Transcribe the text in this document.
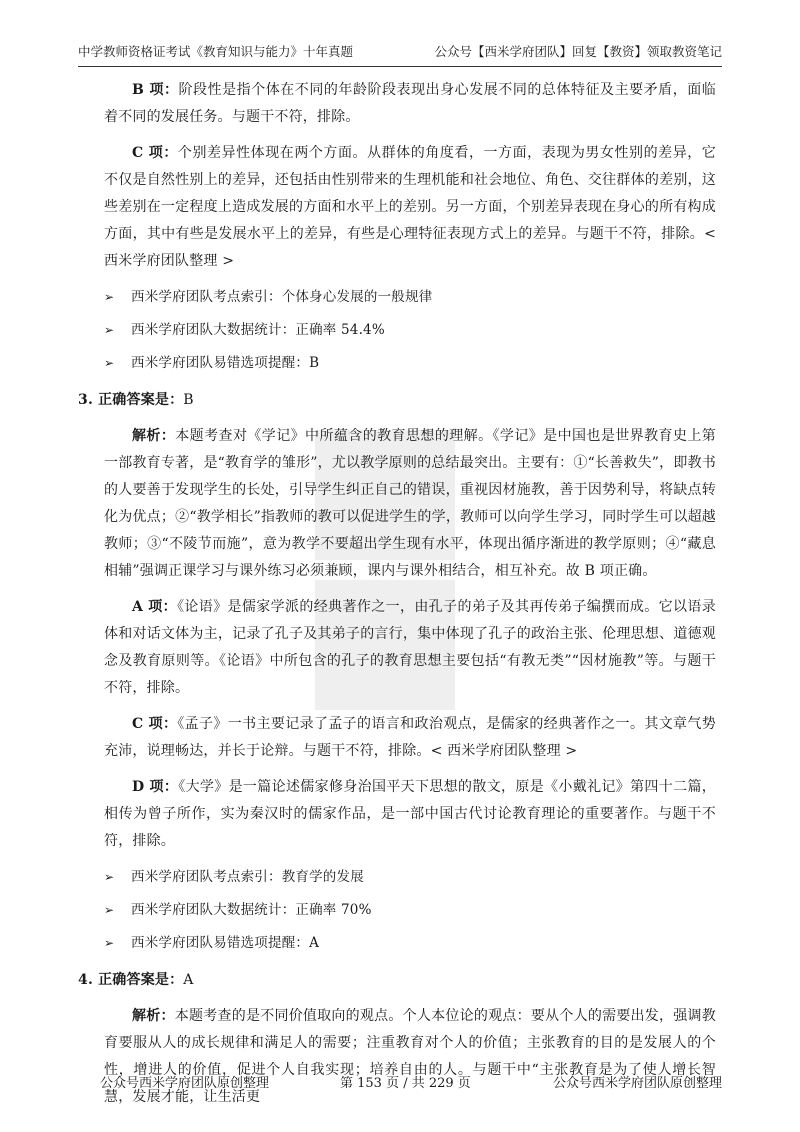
中学教师资格证考试《教育知识与能力》十年真题	公众号【西米学府团队】回复【教资】领取教资笔记

B 项：阶段性是指个体在不同的年龄阶段表现出身心发展不同的总体特征及主要矛盾，面临着不同的发展任务。与题干不符，排除。

C 项：个别差异性体现在两个方面。从群体的角度看，一方面，表现为男女性别的差异，它不仅是自然性别上的差异，还包括由性别带来的生理机能和社会地位、角色、交往群体的差别，这些差别在一定程度上造成发展的方面和水平上的差别。另一方面，个别差异表现在身心的所有构成方面，其中有些是发展水平上的差异，有些是心理特征表现方式上的差异。与题干不符，排除。< 西米学府团队整理 >

➢
西米学府团队考点索引：个体身心发展的一般规律
➢
西米学府团队大数据统计：正确率 54.4%
➢
西米学府团队易错选项提醒：B
3. 正确答案是：B

解析：本题考查对《学记》中所蕴含的教育思想的理解。《学记》是中国也是世界教育史上第一部教育专著，是“教育学的雏形”，尤以教学原则的总结最突出。主要有：①“长善救失”，即教书的人要善于发现学生的长处，引导学生纠正自己的错误，重视因材施教，善于因势利导，将缺点转化为优点；②“教学相长”指教师的教可以促进学生的学，教师可以向学生学习，同时学生可以超越教师；③“不陵节而施”，意为教学不要超出学生现有水平，体现出循序渐进的教学原则；④“藏息相辅”强调正课学习与课外练习必须兼顾，课内与课外相结合，相互补充。故 B 项正确。

A 项：《论语》是儒家学派的经典著作之一，由孔子的弟子及其再传弟子编撰而成。它以语录体和对话文体为主，记录了孔子及其弟子的言行，集中体现了孔子的政治主张、伦理思想、道德观念及教育原则等。《论语》中所包含的孔子的教育思想主要包括“有教无类”“因材施教”等。与题干不符，排除。

C 项：《孟子》一书主要记录了孟子的语言和政治观点，是儒家的经典著作之一。其文章气势充沛，说理畅达，并长于论辩。与题干不符，排除。< 西米学府团队整理 >

D 项：《大学》是一篇论述儒家修身治国平天下思想的散文，原是《小戴礼记》第四十二篇，相传为曾子所作，实为秦汉时的儒家作品，是一部中国古代讨论教育理论的重要著作。与题干不符，排除。

➢
西米学府团队考点索引：教育学的发展
➢
西米学府团队大数据统计：正确率 70%
➢
西米学府团队易错选项提醒：A
4. 正确答案是：A

解析：本题考查的是不同价值取向的观点。个人本位论的观点：要从个人的需要出发，强调教育要服从人的成长规律和满足人的需要；注重教育对个人的价值；主张教育的目的是发展人的个性，增进人的价值，促进个人自我实现；培养自由的人。与题干中“主张教育是为了使人增长智慧，发展才能，让生活更

公众号西米学府团队原创整理	第 153 页 / 共 229 页	公众号西米学府团队原创整理
